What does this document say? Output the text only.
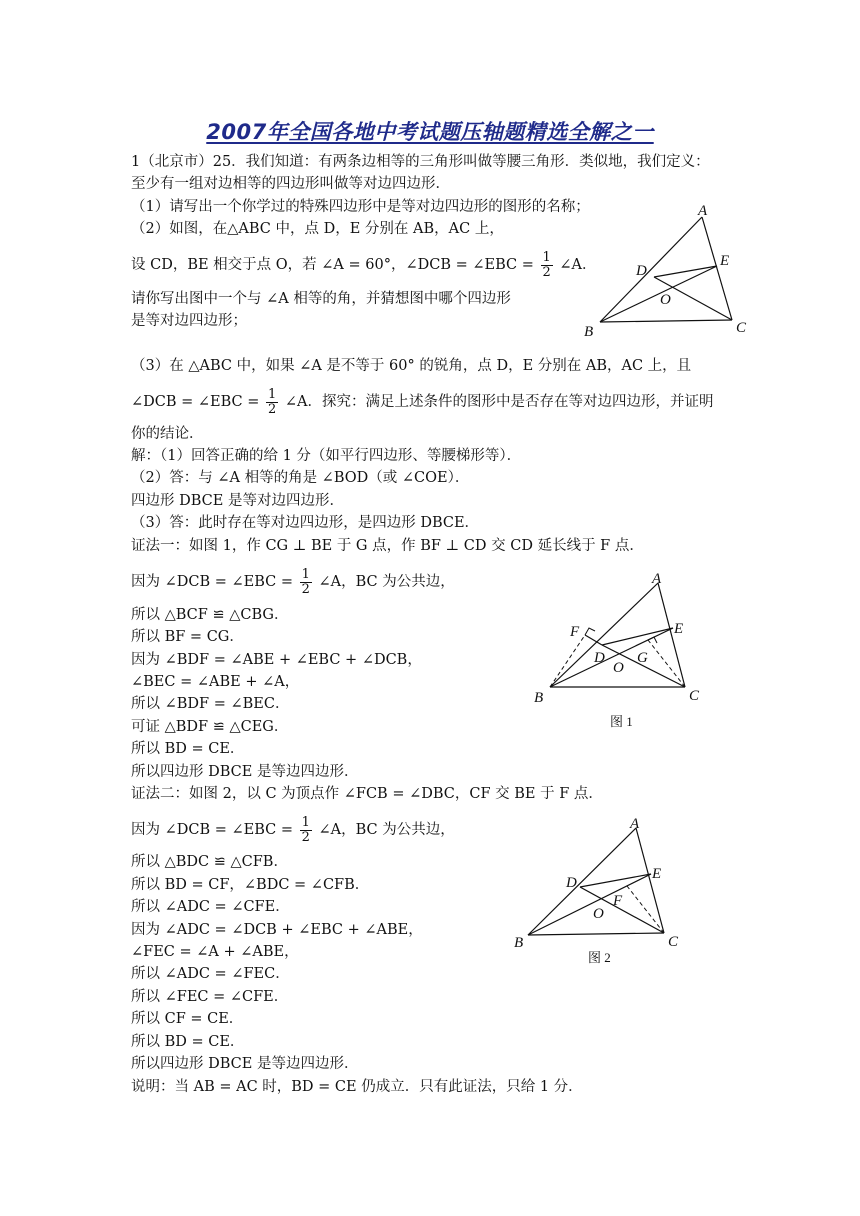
2007年全国各地中考试题压轴题精选全解之一
1（北京市）25．我们知道：有两条边相等的三角形叫做等腰三角形．类似地，我们定义：
至少有一组对边相等的四边形叫做等对边四边形．
（1）请写出一个你学过的特殊四边形中是等对边四边形的图形的名称；
（2）如图，在△ABC 中，点 D，E 分别在 AB，AC 上，
设 CD，BE 相交于点 O，若 ∠A = 60°，∠DCB = ∠EBC = $\frac{1}{2}$ ∠A．
请你写出图中一个与 ∠A 相等的角，并猜想图中哪个四边形
是等对边四边形；
A
E
D
O
B	C
（3）在 △ABC 中，如果 ∠A 是不等于 60° 的锐角，点 D，E 分别在 AB，AC 上，且
∠DCB = ∠EBC = $\frac{1}{2}$ ∠A．探究：满足上述条件的图形中是否存在等对边四边形，并证明
你的结论．
解：（1）回答正确的给 1 分（如平行四边形、等腰梯形等）．
（2）答：与 ∠A 相等的角是 ∠BOD（或 ∠COE）．
四边形 DBCE 是等对边四边形．
（3）答：此时存在等对边四边形，是四边形 DBCE．
证法一：如图 1，作 CG ⊥ BE 于 G 点，作 BF ⊥ CD 交 CD 延长线于 F 点．
因为 ∠DCB = ∠EBC = $\frac{1}{2}$ ∠A，BC 为公共边，
所以 △BCF ≌ △CBG．
所以 BF = CG．
因为 ∠BDF = ∠ABE + ∠EBC + ∠DCB，
∠BEC = ∠ABE + ∠A，
所以 ∠BDF = ∠BEC．
可证 △BDF ≌ △CEG．
所以 BD = CE．
所以四边形 DBCE 是等边四边形．
证法二：如图 2，以 C 为顶点作 ∠FCB = ∠DBC，CF 交 BE 于 F 点．
A
E
F
D G
O
B	C
图 1
因为 ∠DCB = ∠EBC = $\frac{1}{2}$ ∠A，BC 为公共边，
所以 △BDC ≌ △CFB．
所以 BD = CF，∠BDC = ∠CFB．
所以 ∠ADC = ∠CFE．
因为 ∠ADC = ∠DCB + ∠EBC + ∠ABE，
∠FEC = ∠A + ∠ABE，
所以 ∠ADC = ∠FEC．
所以 ∠FEC = ∠CFE．
所以 CF = CE．
所以 BD = CE．
所以四边形 DBCE 是等边四边形．
说明：当 AB = AC 时，BD = CE 仍成立．只有此证法，只给 1 分．
A
E
D
F
O
B	C
图 2
